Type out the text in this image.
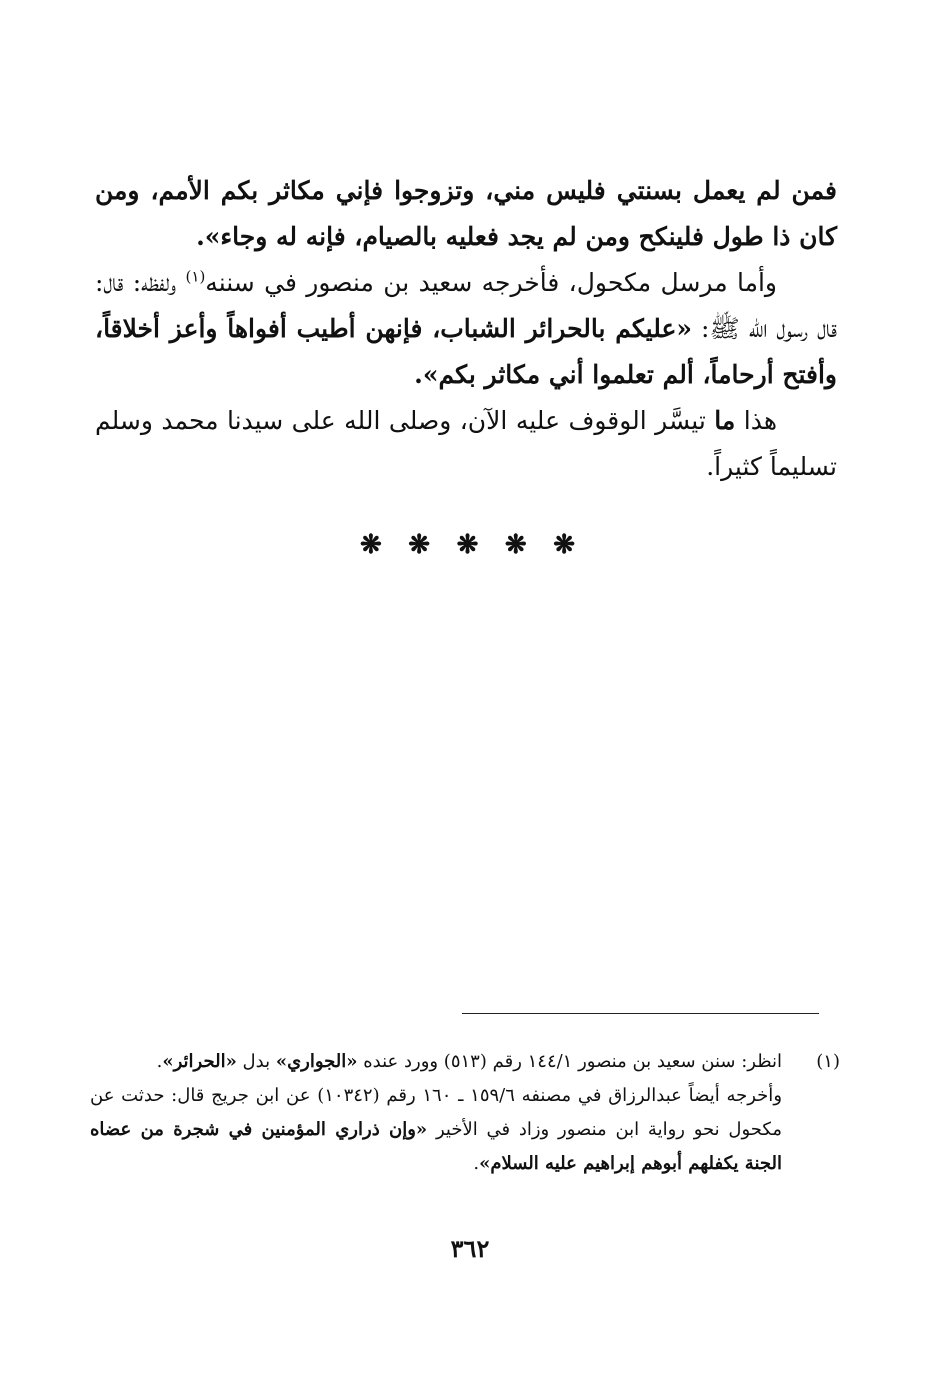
فمن لم يعمل بسنتي فليس مني، وتزوجوا فإني مكاثر بكم الأمم، ومن كان ذا طول فلينكح ومن لم يجد فعليه بالصيام، فإنه له وجاء».

وأما مرسل مكحول، فأخرجه سعيد بن منصور في سننه$^{(١)}$ ولفظه: قال: قال رسول الله ﷺ: «عليكم بالحرائر الشباب، فإنهن أطيب أفواهاً وأعز أخلاقاً، وأفتح أرحاماً، ألم تعلموا أني مكاثر بكم».

هذا ما تيسَّر الوقوف عليه الآن، وصلى الله على سيدنا محمد وسلم تسليماً كثيراً.

❋ ❋ ❋ ❋ ❋
(١)

انظر: سنن سعيد بن منصور ١٤٤/١ رقم (٥١٣) وورد عنده «الجواري» بدل «الحرائر».

وأخرجه أيضاً عبدالرزاق في مصنفه ١٥٩/٦ ـ ١٦٠ رقم (١٠٣٤٢) عن ابن جريج قال: حدثت عن مكحول نحو رواية ابن منصور وزاد في الأخير «وإن ذراري المؤمنين في شجرة من عضاه الجنة يكفلهم أبوهم إبراهيم عليه السلام».

٣٦٢
